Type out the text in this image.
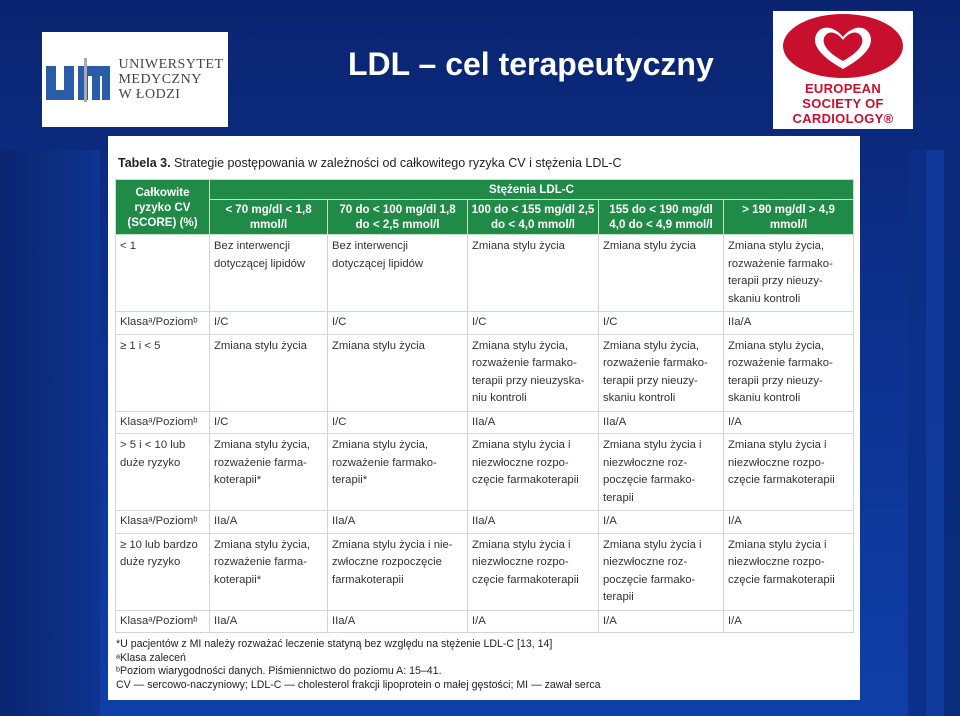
UNIWERSYTET
MEDYCZNY
W ŁODZI
LDL – cel terapeutyczny
EUROPEAN
SOCIETY OF
CARDIOLOGY®
Tabela 3. Strategie postępowania w zależności od całkowitego ryzyka CV i stężenia LDL-C
Całkowite ryzyko CV (SCORE) (%)	Stężenia LDL-C				
	< 70 mg/dl < 1,8 mmol/l	70 do < 100 mg/dl 1,8 do < 2,5 mmol/l	100 do < 155 mg/dl 2,5 do < 4,0 mmol/l	155 do < 190 mg/dl 4,0 do < 4,9 mmol/l	> 190 mg/dl > 4,9 mmol/l
< 1	Bez interwencji dotyczącej lipidów	Bez interwencji dotyczącej lipidów	Zmiana stylu życia	Zmiana stylu życia	Zmiana stylu życia, rozważenie farmako-terapii przy nieuzy-skaniu kontroli
Klasaᵃ/Poziomᵇ	I/C	I/C	I/C	I/C	IIa/A
≥ 1 i < 5	Zmiana stylu życia	Zmiana stylu życia	Zmiana stylu życia, rozważenie farmako-terapii przy nieuzyska-niu kontroli	Zmiana stylu życia, rozważenie farmako-terapii przy nieuzy-skaniu kontroli	Zmiana stylu życia, rozważenie farmako-terapii przy nieuzy-skaniu kontroli
Klasaᵃ/Poziomᵇ	I/C	I/C	IIa/A	IIa/A	I/A
> 5 i < 10 lub duże ryzyko	Zmiana stylu życia, rozważenie farma-koterapii*	Zmiana stylu życia, rozważenie farmako-terapii*	Zmiana stylu życia i niezwłoczne rozpo-częcie farmakoterapii	Zmiana stylu życia i niezwłoczne roz-poczęcie farmako-terapii	Zmiana stylu życia i niezwłoczne rozpo-częcie farmakoterapii
Klasaᵃ/Poziomᵇ	IIa/A	IIa/A	IIa/A	I/A	I/A
≥ 10 lub bardzo duże ryzyko	Zmiana stylu życia, rozważenie farma-koterapii*	Zmiana stylu życia i nie-zwłoczne rozpoczęcie farmakoterapii	Zmiana stylu życia i niezwłoczne rozpo-częcie farmakoterapii	Zmiana stylu życia i niezwłoczne roz-poczęcie farmako-terapii	Zmiana stylu życia i niezwłoczne rozpo-częcie farmakoterapii
Klasaᵃ/Poziomᵇ	IIa/A	IIa/A	I/A	I/A	I/A
*U pacjentów z MI należy rozważać leczenie statyną bez względu na stężenie LDL-C [13, 14]
ᵃKlasa zaleceń
ᵇPoziom wiarygodności danych. Piśmiennictwo do poziomu A: 15–41.
CV — sercowo-naczyniowy; LDL-C — cholesterol frakcji lipoprotein o małej gęstości; MI — zawał serca
